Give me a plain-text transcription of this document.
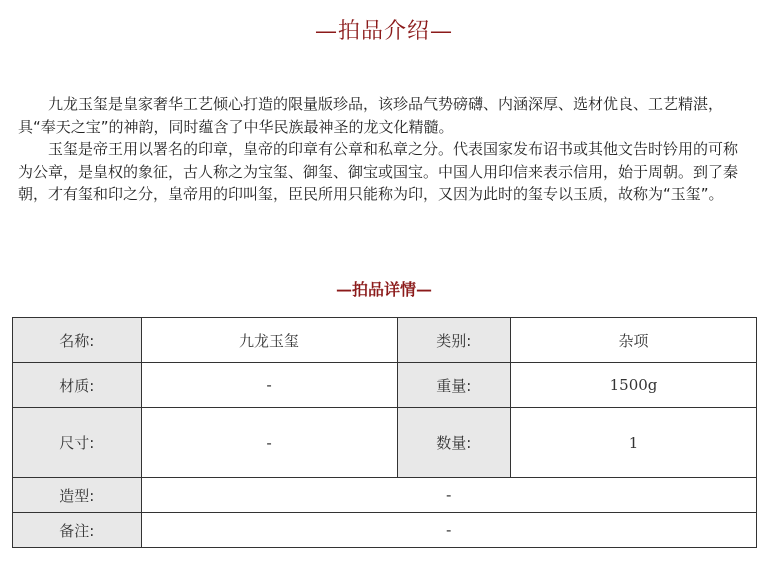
—拍品介绍—

九龙玉玺是皇家奢华工艺倾心打造的限量版珍品，该珍品气势磅礴、内涵深厚、选材优良、工艺精湛，具“奉天之宝”的神韵，同时蕴含了中华民族最神圣的龙文化精髓。

玉玺是帝王用以署名的印章，皇帝的印章有公章和私章之分。代表国家发布诏书或其他文告时钤用的可称为公章，是皇权的象征，古人称之为宝玺、御玺、御宝或国宝。中国人用印信来表示信用，始于周朝。到了秦朝，才有玺和印之分，皇帝用的印叫玺，臣民所用只能称为印，又因为此时的玺专以玉质，故称为“玉玺”。

—拍品详情—
名称:	九龙玉玺	类别:	杂项
材质:	-	重量:	1500g
尺寸:	-	数量:	1
造型:	-		
备注:	-		
